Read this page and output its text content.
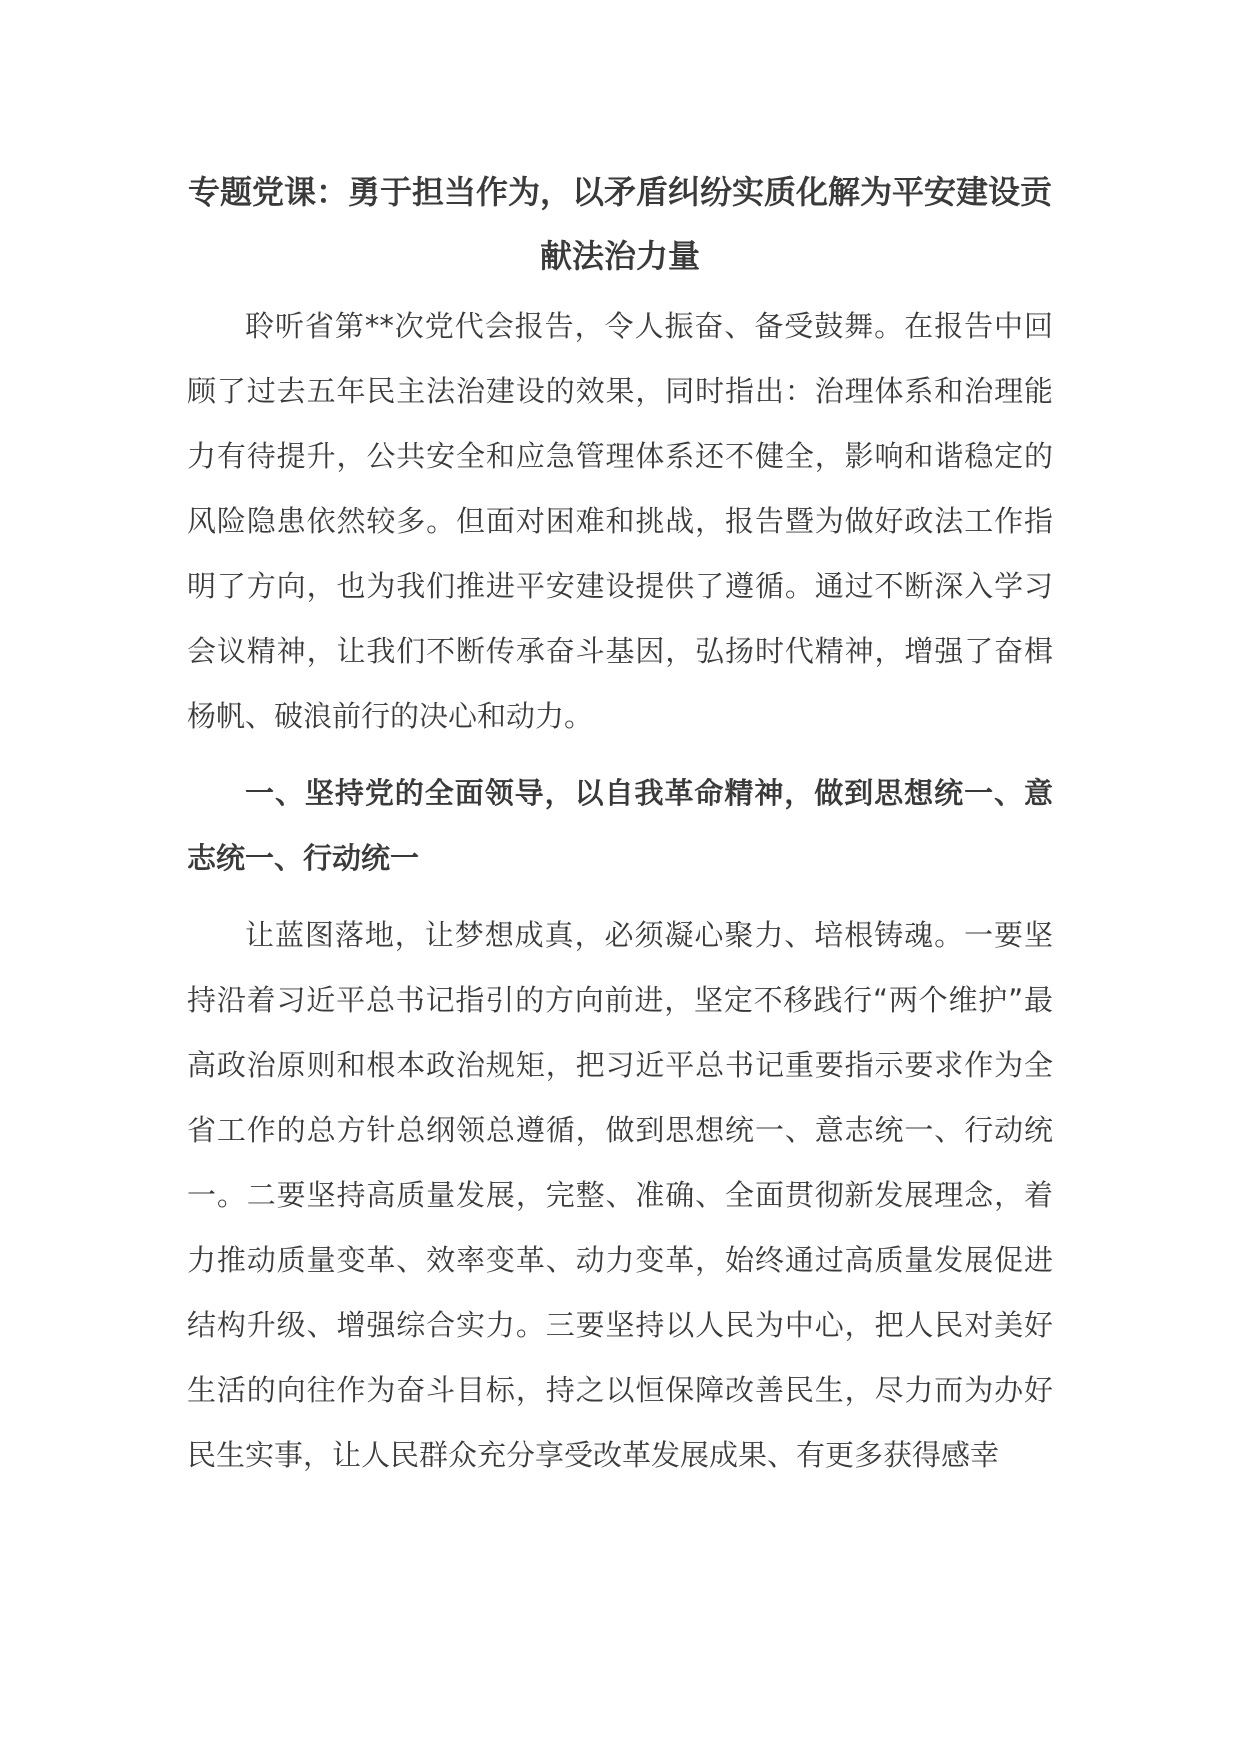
专题党课：勇于担当作为，以矛盾纠纷实质化解为平安建设贡献法治力量

聆听省第**次党代会报告，令人振奋、备受鼓舞。在报告中回顾了过去五年民主法治建设的效果，同时指出：治理体系和治理能力有待提升，公共安全和应急管理体系还不健全，影响和谐稳定的风险隐患依然较多。但面对困难和挑战，报告暨为做好政法工作指明了方向，也为我们推进平安建设提供了遵循。通过不断深入学习会议精神，让我们不断传承奋斗基因，弘扬时代精神，增强了奋楫杨帆、破浪前行的决心和动力。

一、坚持党的全面领导，以自我革命精神，做到思想统一、意志统一、行动统一

让蓝图落地，让梦想成真，必须凝心聚力、培根铸魂。一要坚持沿着习近平总书记指引的方向前进，坚定不移践行“两个维护”最高政治原则和根本政治规矩，把习近平总书记重要指示要求作为全省工作的总方针总纲领总遵循，做到思想统一、意志统一、行动统一。二要坚持高质量发展，完整、准确、全面贯彻新发展理念，着力推动质量变革、效率变革、动力变革，始终通过高质量发展促进结构升级、增强综合实力。三要坚持以人民为中心，把人民对美好生活的向往作为奋斗目标，持之以恒保障改善民生，尽力而为办好民生实事，让人民群众充分享受改革发展成果、有更多获得感幸
